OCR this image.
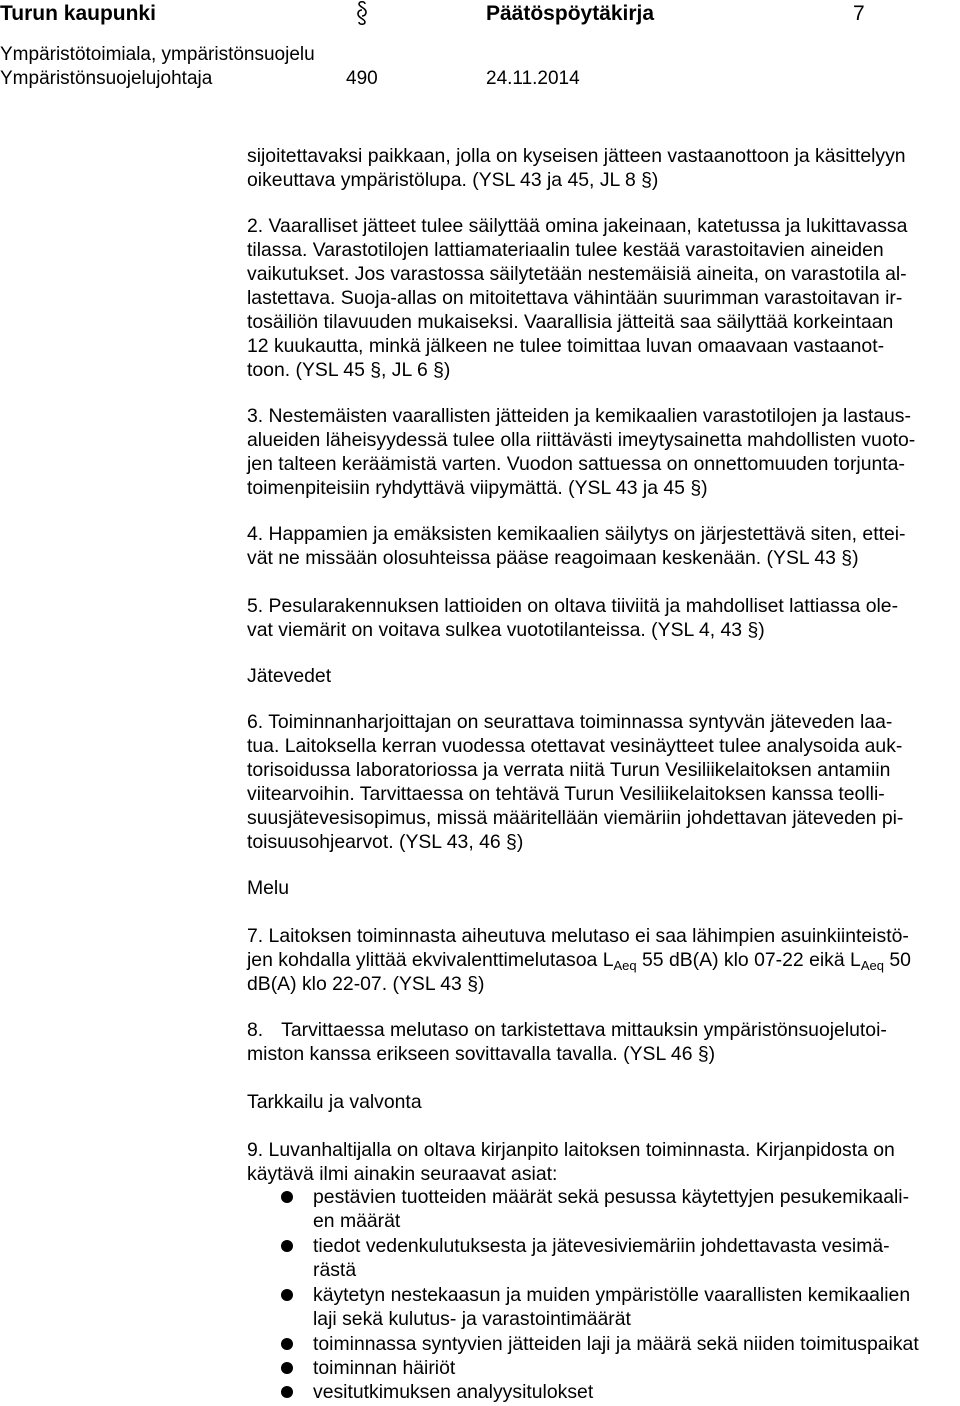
Turun kaupunki	Päätöspöytäkirja	7
Ympäristötoimiala, ympäristönsuojelu
Ympäristönsuojelujohtaja	490	24.11.2014
sijoitettavaksi paikkaan, jolla on kyseisen jätteen vastaanottoon ja käsittelyyn
oikeuttava ympäristölupa. (YSL 43 ja 45, JL 8 §)
2. Vaaralliset jätteet tulee säilyttää omina jakeinaan, katetussa ja lukittavassa
tilassa. Varastotilojen lattiamateriaalin tulee kestää varastoitavien aineiden
vaikutukset. Jos varastossa säilytetään nestemäisiä aineita, on varastotila al-
lastettava. Suoja-allas on mitoitettava vähintään suurimman varastoitavan ir-
tosäiliön tilavuuden mukaiseksi. Vaarallisia jätteitä saa säilyttää korkeintaan
12 kuukautta, minkä jälkeen ne tulee toimittaa luvan omaavaan vastaanot-
toon. (YSL 45 §, JL 6 §)
3. Nestemäisten vaarallisten jätteiden ja kemikaalien varastotilojen ja lastaus-
alueiden läheisyydessä tulee olla riittävästi imeytysainetta mahdollisten vuoto-
jen talteen keräämistä varten. Vuodon sattuessa on onnettomuuden torjunta-
toimenpiteisiin ryhdyttävä viipymättä. (YSL 43 ja 45 §)
4. Happamien ja emäksisten kemikaalien säilytys on järjestettävä siten, ettei-
vät ne missään olosuhteissa pääse reagoimaan keskenään. (YSL 43 §)
5. Pesularakennuksen lattioiden on oltava tiiviitä ja mahdolliset lattiassa ole-
vat viemärit on voitava sulkea vuototilanteissa. (YSL 4, 43 §)
Jätevedet
6. Toiminnanharjoittajan on seurattava toiminnassa syntyvän jäteveden laa-
tua. Laitoksella kerran vuodessa otettavat vesinäytteet tulee analysoida auk-
torisoidussa laboratoriossa ja verrata niitä Turun Vesiliikelaitoksen antamiin
viitearvoihin. Tarvittaessa on tehtävä Turun Vesiliikelaitoksen kanssa teolli-
suusjätevesisopimus, missä määritellään viemäriin johdettavan jäteveden pi-
toisuusohjearvot. (YSL 43, 46 §)
Melu
7. Laitoksen toiminnasta aiheutuva melutaso ei saa lähimpien asuinkiinteistö-
jen kohdalla ylittää ekvivalenttimelutasoa $L_{Aeq}$ 55 dB(A) klo 07-22 eikä $L_{Aeq}$ 50
dB(A) klo 22-07. (YSL 43 §)
8. Tarvittaessa melutaso on tarkistettava mittauksin ympäristönsuojelutoi-
miston kanssa erikseen sovittavalla tavalla. (YSL 46 §)
Tarkkailu ja valvonta
9. Luvanhaltijalla on oltava kirjanpito laitoksen toiminnasta. Kirjanpidosta on
käytävä ilmi ainakin seuraavat asiat:
pestävien tuotteiden määrät sekä pesussa käytettyjen pesukemikaali-
en määrät
tiedot vedenkulutuksesta ja jätevesiviemäriin johdettavasta vesimä-
rästä
käytetyn nestekaasun ja muiden ympäristölle vaarallisten kemikaalien
laji sekä kulutus- ja varastointimäärät
toiminnassa syntyvien jätteiden laji ja määrä sekä niiden toimituspaikat
toiminnan häiriöt
vesitutkimuksen analyysitulokset
